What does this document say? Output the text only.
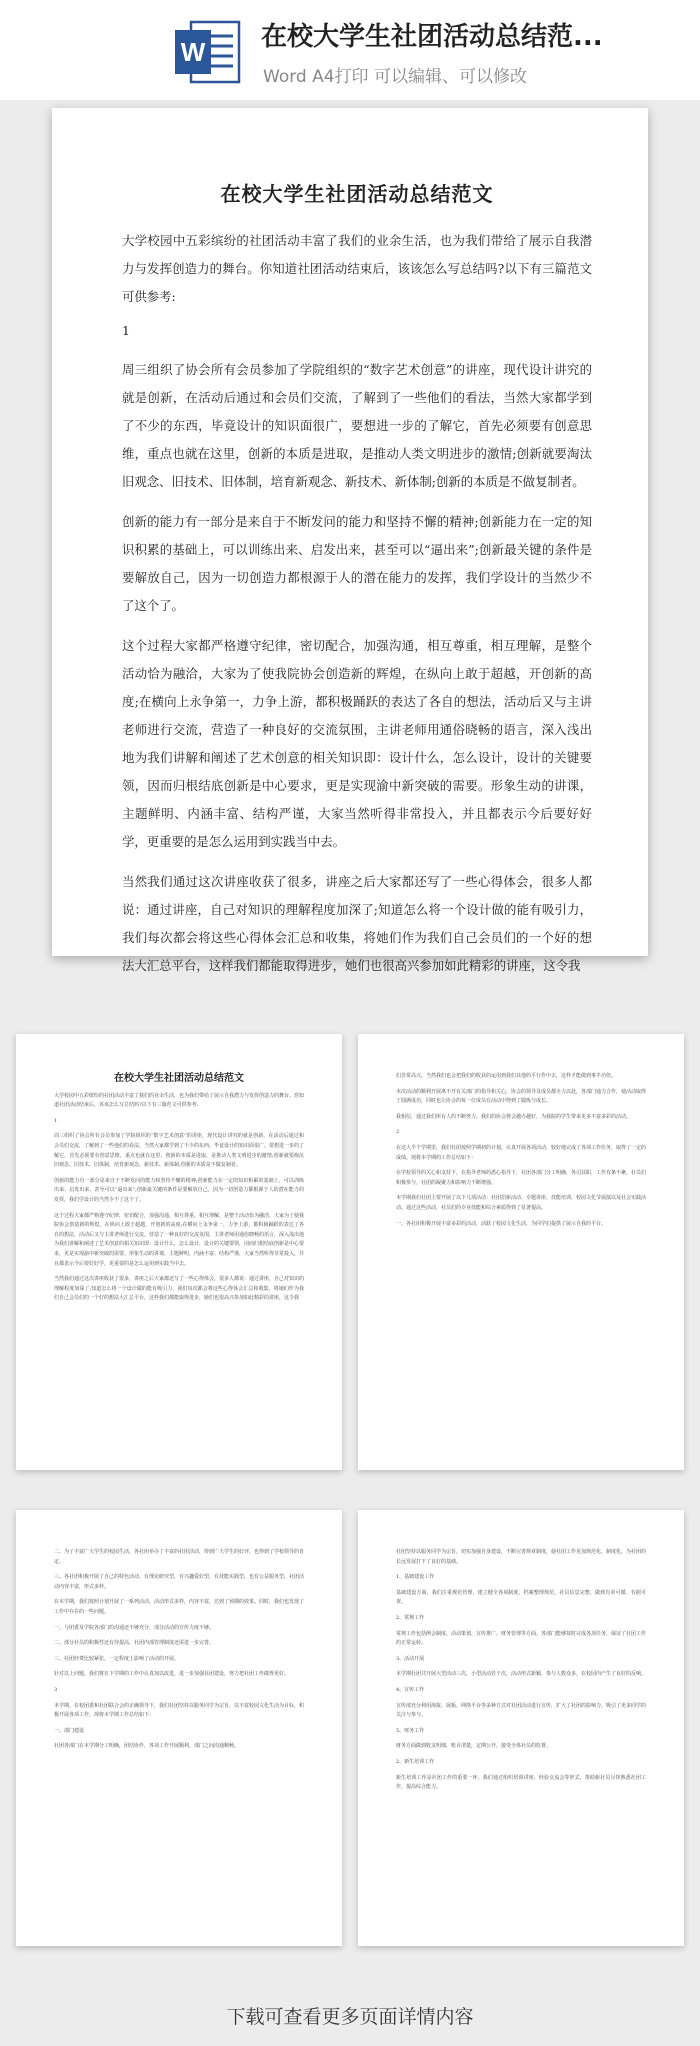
W 在校大学生社团活动总结范...
Word A4打印 可以编辑、可以修改
在校大学生社团活动总结范文

大学校园中五彩缤纷的社团活动丰富了我们的业余生活，也为我们带给了展示自我潜力与发挥创造力的舞台。你知道社团活动结束后，该该怎么写总结吗?以下有三篇范文可供参考:

1

周三组织了协会所有会员参加了学院组织的“数字艺术创意”的讲座，现代设计讲究的就是创新，在活动后通过和会员们交流，了解到了一些他们的看法，当然大家都学到了不少的东西，毕竟设计的知识面很广，要想进一步的了解它，首先必须要有创意思维，重点也就在这里，创新的本质是进取，是推动人类文明进步的激情;创新就要淘汰旧观念、旧技术、旧体制，培育新观念、新技术、新体制;创新的本质是不做复制者。

创新的能力有一部分是来自于不断发问的能力和坚持不懈的精神;创新能力在一定的知识积累的基础上，可以训练出来、启发出来，甚至可以“逼出来”;创新最关键的条件是要解放自己，因为一切创造力都根源于人的潜在能力的发挥，我们学设计的当然少不了这个了。

这个过程大家都严格遵守纪律，密切配合，加强沟通，相互尊重，相互理解，是整个活动恰为融洽，大家为了使我院协会创造新的辉煌，在纵向上敢于超越，开创新的高度;在横向上永争第一，力争上游，都积极踊跃的表达了各自的想法，活动后又与主讲老师进行交流，营造了一种良好的交流氛围，主讲老师用通俗晓畅的语言，深入浅出地为我们讲解和阐述了艺术创意的相关知识即：设计什么，怎么设计，设计的关键要领，因而归根结底创新是中心要求，更是实现渝中新突破的需要。形象生动的讲课，主题鲜明、内涵丰富、结构严谨，大家当然听得非常投入，并且都表示今后要好好学，更重要的是怎么运用到实践当中去。

当然我们通过这次讲座收获了很多，讲座之后大家都还写了一些心得体会，很多人都说：通过讲座，自己对知识的理解程度加深了;知道怎么将一个设计做的能有吸引力，我们每次都会将这些心得体会汇总和收集，将她们作为我们自己会员们的一个好的想法大汇总平台，这样我们都能取得进步，她们也很高兴参加如此精彩的讲座，这令我

在校大学生社团活动总结范文

大学校园中五彩缤纷的社团活动丰富了我们的业余生活，也为我们带给了展示自我潜力与发挥创造力的舞台。你知道社团活动结束后，该该怎么写总结吗?以下有三篇范文可供参考:

1

周三组织了协会所有会员参加了学院组织的“数字艺术创意”的讲座，现代设计讲究的就是创新，在活动后通过和会员们交流，了解到了一些他们的看法，当然大家都学到了不少的东西，毕竟设计的知识面很广，要想进一步的了解它，首先必须要有创意思维，重点也就在这里，创新的本质是进取，是推动人类文明进步的激情;创新就要淘汰旧观念、旧技术、旧体制，培育新观念、新技术、新体制;创新的本质是不做复制者。

创新的能力有一部分是来自于不断发问的能力和坚持不懈的精神;创新能力在一定的知识积累的基础上，可以训练出来、启发出来，甚至可以“逼出来”;创新最关键的条件是要解放自己，因为一切创造力都根源于人的潜在能力的发挥，我们学设计的当然少不了这个了。

这个过程大家都严格遵守纪律，密切配合，加强沟通，相互尊重，相互理解，是整个活动恰为融洽，大家为了使我院协会创造新的辉煌，在纵向上敢于超越，开创新的高度;在横向上永争第一，力争上游，都积极踊跃的表达了各自的想法，活动后又与主讲老师进行交流，营造了一种良好的交流氛围，主讲老师用通俗晓畅的语言，深入浅出地为我们讲解和阐述了艺术创意的相关知识即：设计什么，怎么设计，设计的关键要领，因而归根结底创新是中心要求，更是实现渝中新突破的需要。形象生动的讲课，主题鲜明、内涵丰富、结构严谨，大家当然听得非常投入，并且都表示今后要好好学，更重要的是怎么运用到实践当中去。

当然我们通过这次讲座收获了很多，讲座之后大家都还写了一些心得体会，很多人都说：通过讲座，自己对知识的理解程度加深了;知道怎么将一个设计做的能有吸引力，我们每次都会将这些心得体会汇总和收集，将她们作为我们自己会员们的一个好的想法大汇总平台，这样我们都能取得进步，她们也很高兴参加如此精彩的讲座，这令我

们非常高兴，当然我们也会把我们的收获的运用到我们其他的平行作中去，这样才能做到事半功倍。

本次活动的顺利开展离不开有关部门的指导和关心，协会的领导及成员都全力以赴，各部门通力合作，使活动取得了圆满成功，同时也让协会的每一位成员在活动中得到了锻炼与成长。

我相信，通过我们所有人的不断努力，我们的协会将会越办越好，为我院的学生带来更多丰富多彩的活动。

2

在这大半个学期里，我们社团按照学期初的计划，认真开展各项活动，较好地完成了各项工作任务，取得了一定的成绩。现将本学期的工作总结如下：

在学校领导的关心和支持下，在指导老师的悉心指导下，社团各部门分工明确，各司其职，工作有条不紊，社员们积极参与，社团的凝聚力和影响力不断增强。

本学期我们社团主要开展了以下几项活动：社团招新活动、专题讲座、技能培训、校园文化节展演以及社会实践活动。通过这些活动，社员们的专业技能和综合素质得到了显著提高。

一、各社团积极开展丰富多彩的活动，活跃了校园文化生活，为同学们提供了展示自我的平台。

二、为了丰富广大学生的校园生活，各社团举办了丰富的社团活动，得到广大学生的好评，也得到了学校领导的肯定。

三、各社团积极开展了自己的特色活动，有理论研究型，有兴趣爱好型，有技能实践型，也有公益服务型，社团活动内容丰富，形式多样。

在本学期，我们按照计划开展了一系列活动，活动形式多样，内容丰富，达到了预期的效果。同时，我们也发现了工作中存在的一些问题。

一、与团委及学院各部门的沟通还不够充分，部分活动的宣传力度不够。

二、部分社员的积极性还有待提高，社团内部管理制度还需进一步完善。

三、社团经费比较紧张，一定程度上影响了活动的开展。

针对以上问题，我们将在下学期的工作中认真加以改进，进一步加强社团建设，努力把社团工作做得更好。

3

本学期，在校团委和社团联合会的正确领导下，我们社团坚持以服务同学为宗旨，以丰富校园文化生活为目标，积极开展各项工作，现将本学期工作总结如下：

一、部门建设

社团各部门在本学期分工明确，团结协作，各项工作开展顺利，部门之间沟通顺畅。

社团坚持以服务同学为宗旨，切实加强自身建设，不断完善规章制度，使社团工作更加规范化、制度化，为社团的长远发展打下了良好的基础。

1、基础建设工作

基础建设方面，我们注重规范管理，建立健全各项制度，档案整理规范，社员信息完整，做到有章可循、有据可查。

2、常规工作

常规工作包括例会制度、活动策划、宣传推广、财务管理等方面。各部门能够按时完成各项任务，保证了社团工作的正常运转。

3、活动开展

本学期社团共开展大型活动三次，小型活动若干次，活动形式新颖，参与人数众多，在校园内产生了良好的反响。

4、宣传工作

宣传部充分利用海报、展板、网络平台等多种方式对社团活动进行宣传，扩大了社团的影响力，吸引了更多同学的关注与参与。

5、财务工作

财务方面做到收支明细，账目清楚，定期公开，接受全体社员的监督。

2、新生培训工作

新生培训工作是社团工作的重要一环，我们通过组织培训讲座、经验交流会等形式，帮助新社员尽快熟悉社团工作，提高综合能力。

下载可查看更多页面详情内容
